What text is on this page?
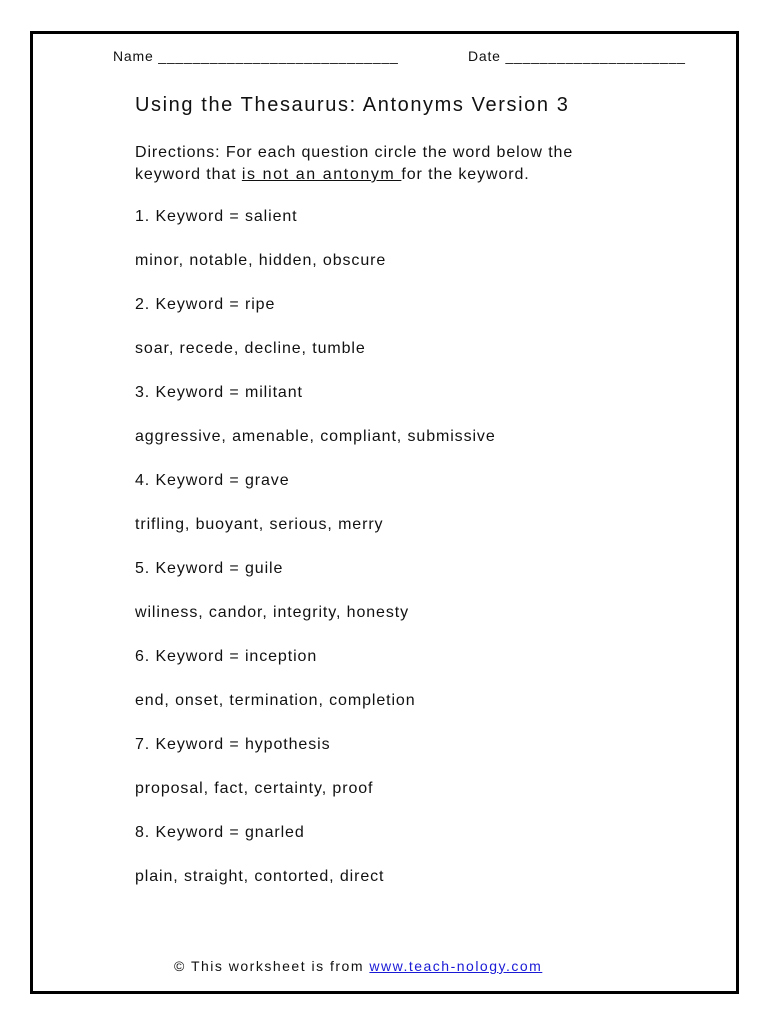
Name ____________________________	Date _____________________
Using the Thesaurus: Antonyms Version 3
Directions: For each question circle the word below the
keyword that is not an antonym for the keyword.
1. Keyword = salient
minor, notable, hidden, obscure
2. Keyword = ripe
soar, recede, decline, tumble
3. Keyword = militant
aggressive, amenable, compliant, submissive
4. Keyword = grave
trifling, buoyant, serious, merry
5. Keyword = guile
wiliness, candor, integrity, honesty
6. Keyword = inception
end, onset, termination, completion
7. Keyword = hypothesis
proposal, fact, certainty, proof
8. Keyword = gnarled
plain, straight, contorted, direct
© This worksheet is from www.teach-nology.com
